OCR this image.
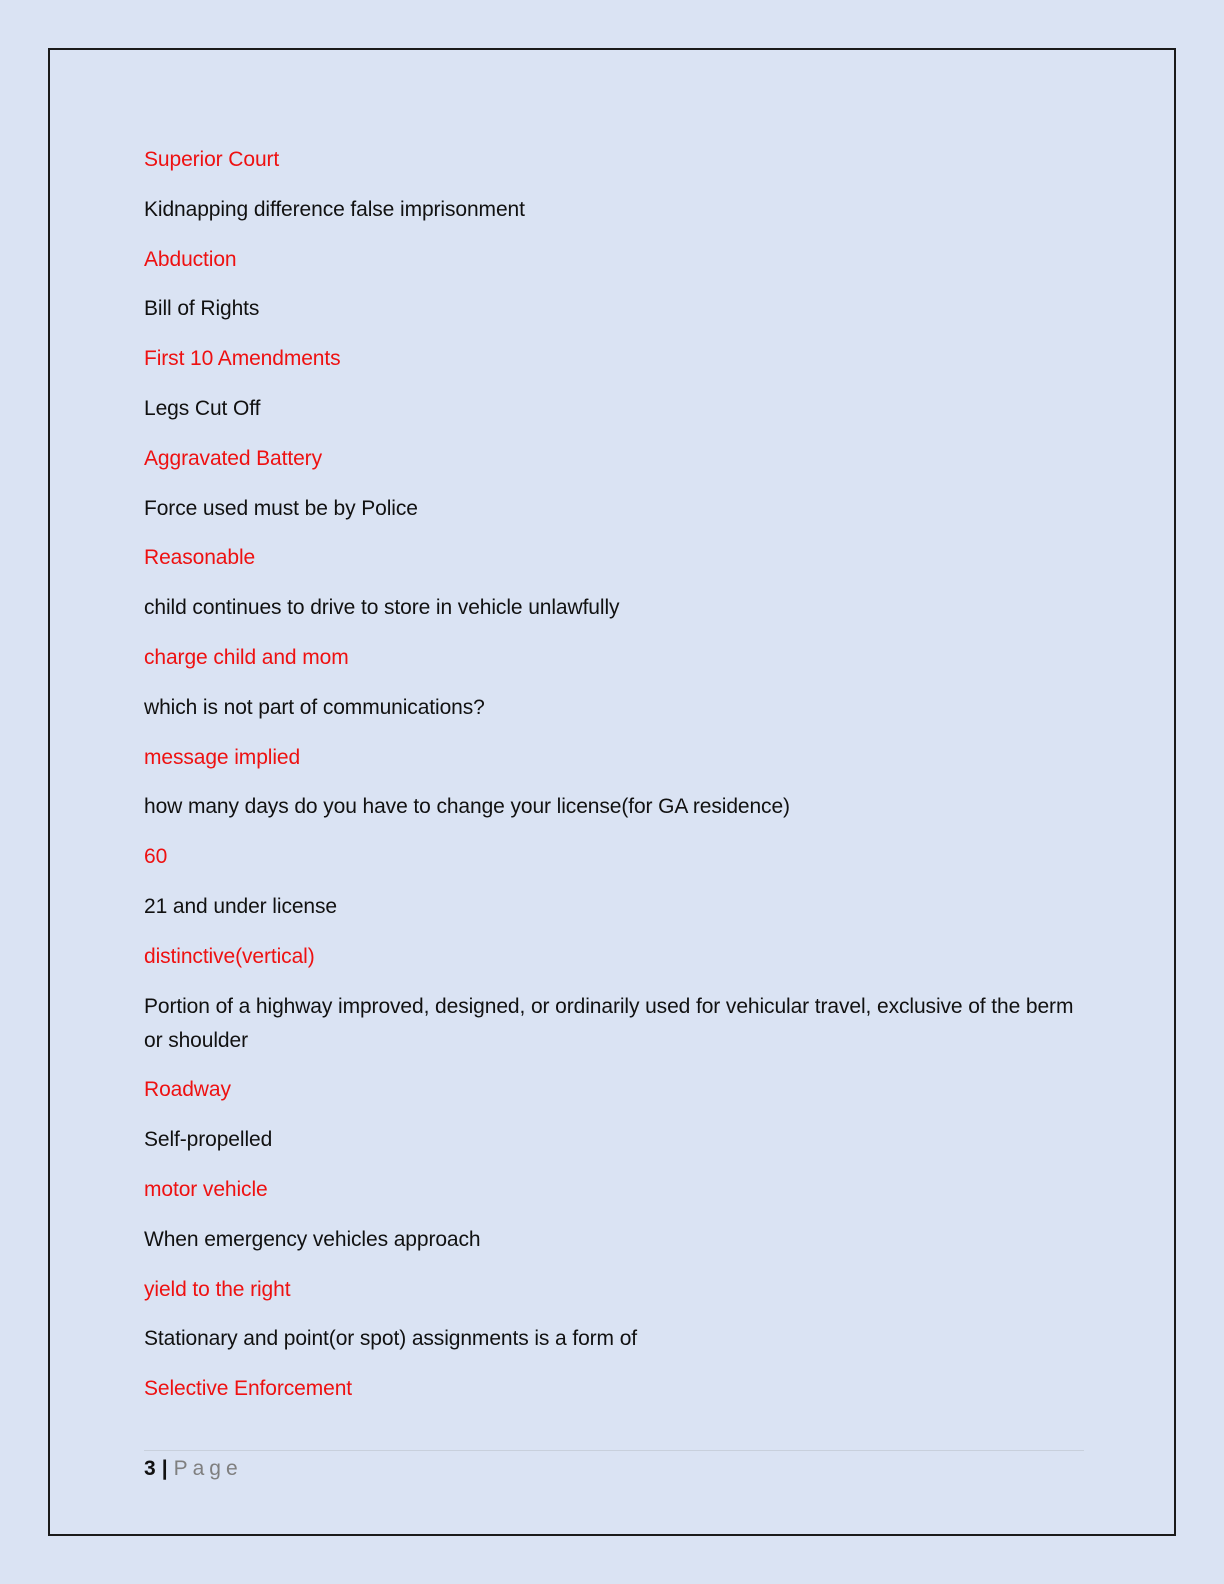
Superior Court

Kidnapping difference false imprisonment

Abduction

Bill of Rights

First 10 Amendments

Legs Cut Off

Aggravated Battery

Force used must be by Police

Reasonable

child continues to drive to store in vehicle unlawfully

charge child and mom

which is not part of communications?

message implied

how many days do you have to change your license(for GA residence)

60

21 and under license

distinctive(vertical)

Portion of a highway improved, designed, or ordinarily used for vehicular travel, exclusive of the berm or shoulder

Roadway

Self-propelled

motor vehicle

When emergency vehicles approach

yield to the right

Stationary and point(or spot) assignments is a form of

Selective Enforcement

3 | Page
